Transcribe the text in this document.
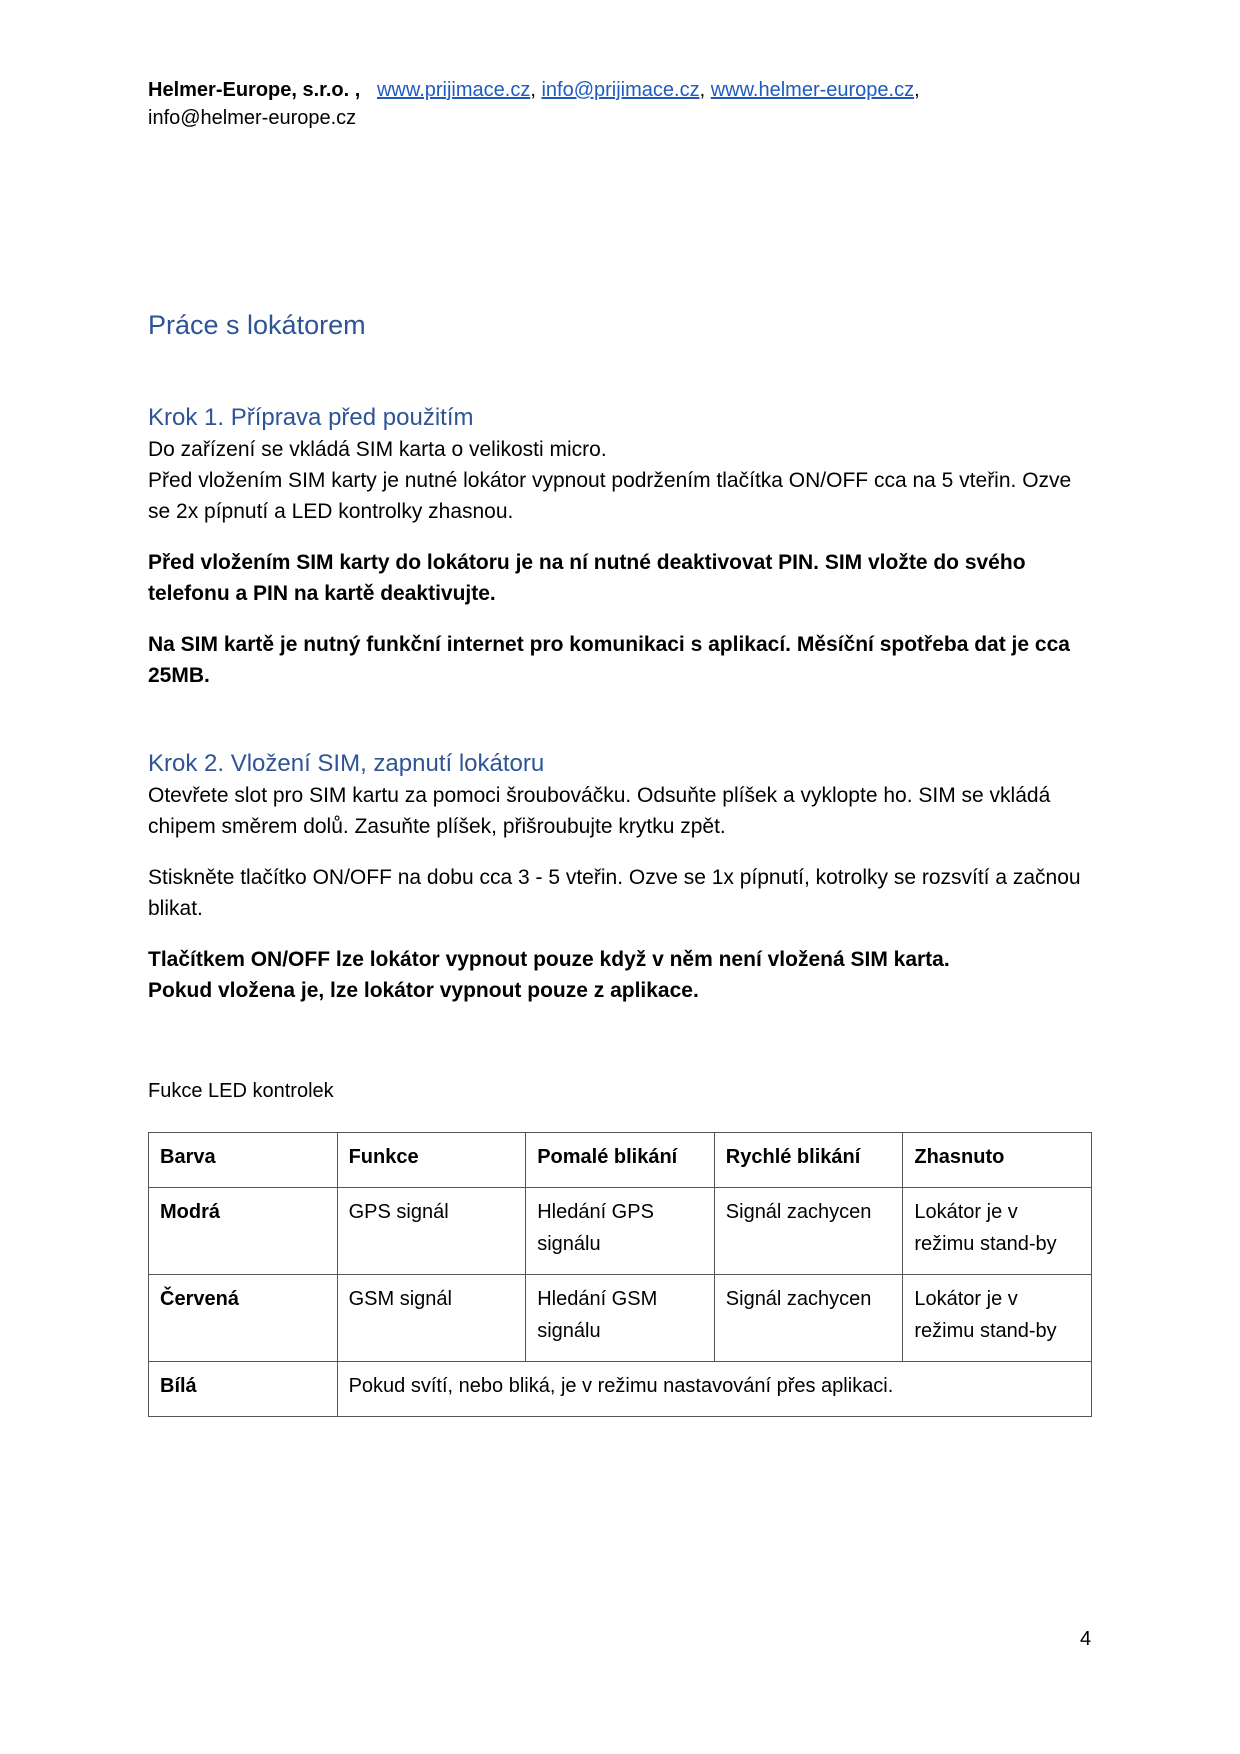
Helmer-Europe, s.r.o. , www.prijimace.cz, info@prijimace.cz, www.helmer-europe.cz,
info@helmer-europe.cz
Práce s lokátorem
Krok 1. Příprava před použitím

Do zařízení se vkládá SIM karta o velikosti micro.

Před vložením SIM karty je nutné lokátor vypnout podržením tlačítka ON/OFF cca na 5 vteřin. Ozve se 2x pípnutí a LED kontrolky zhasnou.

Před vložením SIM karty do lokátoru je na ní nutné deaktivovat PIN. SIM vložte do svého telefonu a PIN na kartě deaktivujte.

Na SIM kartě je nutný funkční internet pro komunikaci s aplikací. Měsíční spotřeba dat je cca 25MB.

Krok 2. Vložení SIM, zapnutí lokátoru

Otevřete slot pro SIM kartu za pomoci šroubováčku. Odsuňte plíšek a vyklopte ho. SIM se vkládá chipem směrem dolů. Zasuňte plíšek, přišroubujte krytku zpět.

Stiskněte tlačítko ON/OFF na dobu cca 3 - 5 vteřin. Ozve se 1x pípnutí, kotrolky se rozsvítí a začnou blikat.

Tlačítkem ON/OFF lze lokátor vypnout pouze když v něm není vložená SIM karta.

Pokud vložena je, lze lokátor vypnout pouze z aplikace.

Fukce LED kontrolek
Barva	Funkce	Pomalé blikání	Rychlé blikání	Zhasnuto
Modrá	GPS signál	Hledání GPS signálu	Signál zachycen	Lokátor je v režimu stand-by
Červená	GSM signál	Hledání GSM signálu	Signál zachycen	Lokátor je v režimu stand-by
Bílá	Pokud svítí, nebo bliká, je v režimu nastavování přes aplikaci.			
4
